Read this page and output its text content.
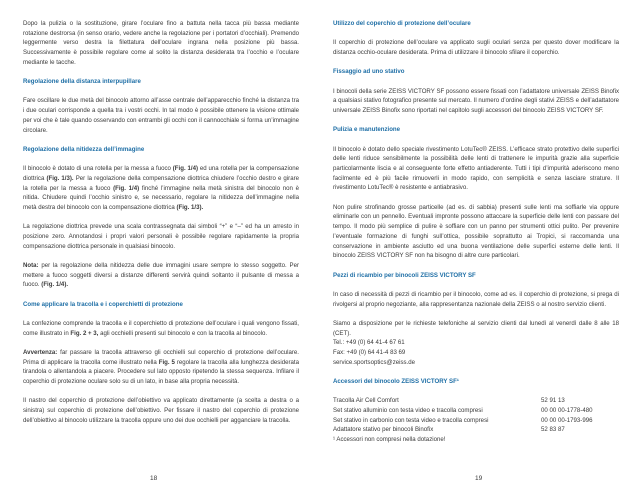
Dopo la pulizia o la sostituzione, girare l’oculare fino a battuta nella tacca più bassa mediante rotazione destrorsa (in senso orario, vedere anche la regolazione per i portatori d’occhiali). Premendo leggermente verso destra la filettatura dell’oculare ingrana nella posizione più bassa. Successivamente è possibile regolare come al solito la distanza desiderata tra l’occhio e l’oculare mediante le tacche.

Regolazione della distanza interpupillare

Fare oscillare le due metà del binocolo attorno all’asse centrale dell’apparecchio finché la distanza tra i due oculari corrisponde a quella tra i vostri occhi. In tal modo è possibile ottenere la visione ottimale per voi che è tale quando osservando con entrambi gli occhi con il cannocchiale si forma un’immagine circolare.

Regolazione della nitidezza dell’immagine

Il binocolo è dotato di una rotella per la messa a fuoco (Fig. 1/4) ed una rotella per la compensazione diottrica (Fig. 1/3). Per la regolazione della compensazione diottrica chiudere l’occhio destro e girare la rotella per la messa a fuoco (Fig. 1/4) finché l’immagine nella metà sinistra del binocolo non è nitida. Chiudere quindi l’occhio sinistro e, se necessario, regolare la nitidezza dell’immagine nella metà destra del binocolo con la compensazione diottrica (Fig. 1/3).

La regolazione diottrica prevede una scala contrassegnata dai simboli “+” e “–” ed ha un arresto in posizione zero. Annotandosi i propri valori personali è possibile regolare rapidamente la propria compensazione diottrica personale in qualsiasi binocolo.

Nota: per la regolazione della nitidezza delle due immagini usare sempre lo stesso soggetto. Per mettere a fuoco soggetti diversi a distanze differenti servirà quindi soltanto il pulsante di messa a fuoco. (Fig. 1/4).

Come applicare la tracolla e i coperchietti di protezione

La confezione comprende la tracolla e il coperchietto di protezione dell’oculare i quali vengono fissati, come illustrato in Fig. 2 + 3, agli occhielli presenti sul binocolo e con la tracolla al binocolo.

Avvertenza: far passare la tracolla attraverso gli occhielli sul coperchio di protezione dell’oculare. Prima di applicare la tracolla come illustrato nella Fig. 5 regolare la tracolla alla lunghezza desiderata tirandola o allentandola a piacere. Procedere sul lato opposto ripetendo la stessa sequenza. Infilare il coperchio di protezione oculare solo su di un lato, in base alla propria necessità.

Il nastro del coperchio di protezione dell’obiettivo va applicato direttamente (a scelta a destra o a sinistra) sul coperchio di protezione dell’obiettivo. Per fissare il nastro del coperchio di protezione dell’obiettivo al binocolo utilizzare la tracolla oppure uno dei due occhielli per agganciare la tracolla.

18

Utilizzo del coperchio di protezione dell’oculare

Il coperchio di protezione dell’oculare va applicato sugli oculari senza per questo dover modificare la distanza occhio-oculare desiderata. Prima di utilizzare il binocolo sfilare il coperchio.

Fissaggio ad uno stativo

I binocoli della serie ZEISS VICTORY SF possono essere fissati con l’adattatore universale ZEISS Binofix a qualsiasi stativo fotografico presente sul mercato. Il numero d’ordine degli stativi ZEISS e dell’adattatore universale ZEISS Binofix sono riportati nel capitolo sugli accessori del binocolo ZEISS VICTORY SF.

Pulizia e manutenzione

Il binocolo è dotato dello speciale rivestimento LotuTec® ZEISS. L’efficace strato protettivo delle superfici delle lenti riduce sensibilmente la possibilità delle lenti di trattenere le impurità grazie alla superficie particolarmente liscia e al conseguente forte effetto antiaderente. Tutti i tipi d’impurità aderiscono meno facilmente ed è più facile rimuoverli in modo rapido, con semplicità e senza lasciare strature. Il rivestimento LotuTec® è resistente e antiabrasivo.

Non pulire strofinando grosse particelle (ad es. di sabbia) presenti sulle lenti ma soffiarle via oppure eliminarle con un pennello. Eventuali impronte possono attaccare la superficie delle lenti con passare del tempo. Il modo più semplice di pulire è soffiare con un panno per strumenti ottici pulito. Per prevenire l’eventuale formazione di funghi sull’ottica, possibile soprattutto ai Tropici, si raccomanda una conservazione in ambiente asciutto ed una buona ventilazione delle superfici esterne delle lenti. Il binocolo ZEISS VICTORY SF non ha bisogno di altre cure particolari.

Pezzi di ricambio per binocoli ZEISS VICTORY SF

In caso di necessità di pezzi di ricambio per il binocolo, come ad es. il coperchio di protezione, si prega di rivolgersi al proprio negoziante, alla rappresentanza nazionale della ZEISS o al nostro servizio clienti.

Siamo a disposizione per le richieste telefoniche al servizio clienti dal lunedì al venerdì dalle 8 alle 18 (CET).

Tel.: +49 (0) 64 41-4 67 61

Fax: +49 (0) 64 41-4 83 69

service.sportsoptics@zeiss.de

Accessori del binocolo ZEISS VICTORY SF¹

Tracolla Air Cell Comfort	52 91 13
Set stativo alluminio con testa video e tracolla compresi	00 00 00-1778-480
Set stativo in carbonio con testa video e tracolla compresi	00 00 00-1793-996
Adattatore stativo per binocoli Binofix	52 83 87

¹ Accessori non compresi nella dotazione!

19
